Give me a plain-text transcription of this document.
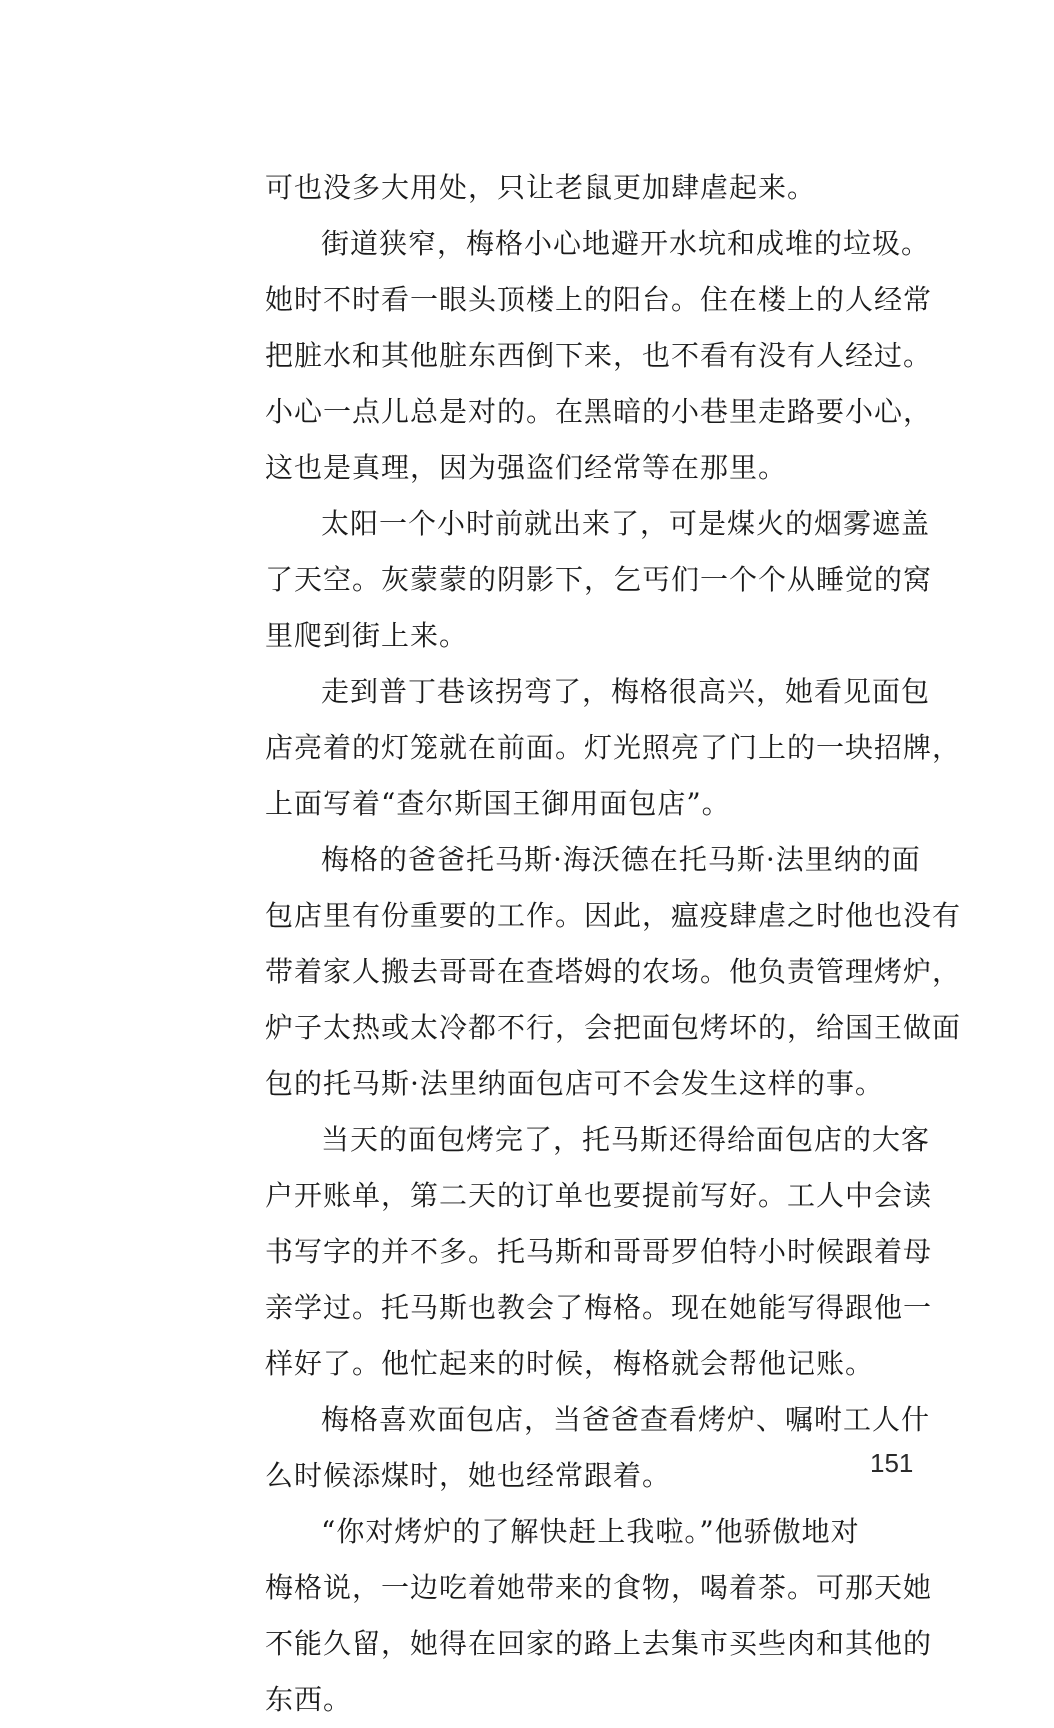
可也没多大用处，只让老鼠更加肆虐起来。
街道狭窄，梅格小心地避开水坑和成堆的垃圾。
她时不时看一眼头顶楼上的阳台。住在楼上的人经常
把脏水和其他脏东西倒下来，也不看有没有人经过。
小心一点儿总是对的。在黑暗的小巷里走路要小心，
这也是真理，因为强盗们经常等在那里。
太阳一个小时前就出来了，可是煤火的烟雾遮盖
了天空。灰蒙蒙的阴影下，乞丐们一个个从睡觉的窝
里爬到街上来。
走到普丁巷该拐弯了，梅格很高兴，她看见面包
店亮着的灯笼就在前面。灯光照亮了门上的一块招牌，
上面写着“查尔斯国王御用面包店”。
梅格的爸爸托马斯·海沃德在托马斯·法里纳的面
包店里有份重要的工作。因此，瘟疫肆虐之时他也没有
带着家人搬去哥哥在查塔姆的农场。他负责管理烤炉，
炉子太热或太冷都不行，会把面包烤坏的，给国王做面
包的托马斯·法里纳面包店可不会发生这样的事。
当天的面包烤完了，托马斯还得给面包店的大客
户开账单，第二天的订单也要提前写好。工人中会读
书写字的并不多。托马斯和哥哥罗伯特小时候跟着母
亲学过。托马斯也教会了梅格。现在她能写得跟他一
样好了。他忙起来的时候，梅格就会帮他记账。
梅格喜欢面包店，当爸爸查看烤炉、嘱咐工人什
么时候添煤时，她也经常跟着。
“你对烤炉的了解快赶上我啦。”他骄傲地对
梅格说，一边吃着她带来的食物，喝着茶。可那天她
不能久留，她得在回家的路上去集市买些肉和其他的
东西。
151
